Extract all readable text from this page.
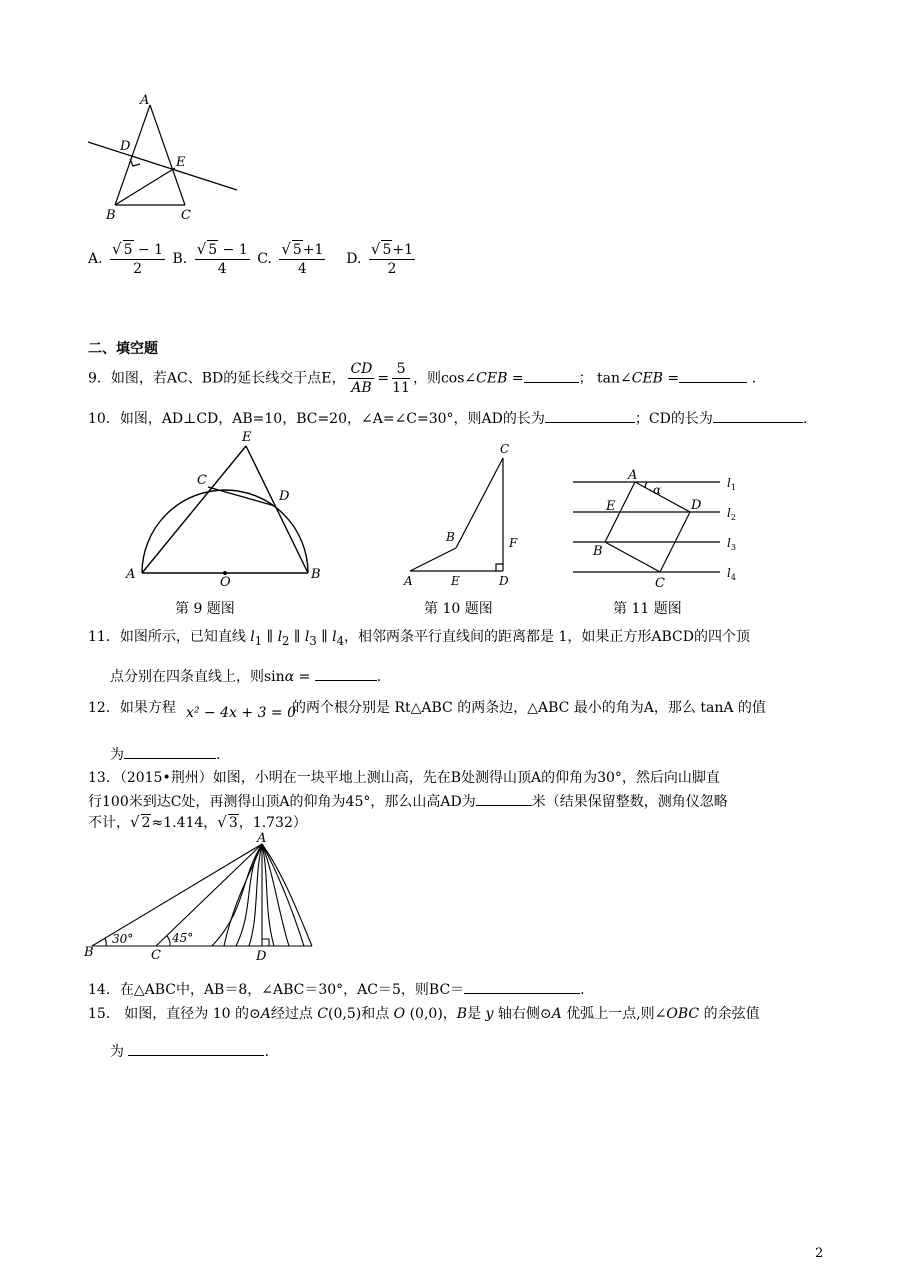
A
D
E
B	C
A. $\frac{√ 5 - 1}{2} B$. $\frac{√ 5 - 1}{4} C$. $\frac{√ 5+1}{4} D$. $\frac{√ 5+1}{2}$
二、填空题
9．如图，若AC、BD的延长线交于点E， $\frac{CD}{AB} = \frac{5}{11}$ ，则cos∠CEB =	； tan∠CEB =	.
10．如图，AD⊥CD，AB=10，BC=20，∠A=∠C=30°，则AD的长为	；CD的长为	.
E
C
D
A
O
B
第 9 题图
C
B	F
A	E	D
第 10 题图
A
α
E	D
B
C
$l_1$
$l_2$
$l_3$
$l_4$
第 11 题图
11．如图所示，已知直线 $l_1$ ∥ $l_2$ ∥ $l_3$ ∥ $l_4$，相邻两条平行直线间的距离都是 1，如果正方形ABCD的四个顶
点分别在四条直线上，则sinα =	.
12．如果方程 x² − 4x + 3 = 0
的两个根分别是 Rt△ABC 的两条边，△ABC 最小的角为A，那么 tanA 的值
为	.
13．（2015•荆州）如图，小明在一块平地上测山高，先在B处测得山顶A的仰角为30°，然后向山脚直
行100米到达C处，再测得山顶A的仰角为45°，那么山高AD为	米（结果保留整数，测角仪忽略
不计，√ 2≈1.414，√ 3，1.732）
A
B
30°	45°
C	D
14．在△ABC中，AB＝8，∠ABC＝30°，AC＝5，则BC＝	.
15． 如图，直径为 10 的⊙A经过点 C(0,5)和点 O (0,0)，B是 y 轴右侧⊙A 优弧上一点,则∠OBC 的余弦值
为	.
2
